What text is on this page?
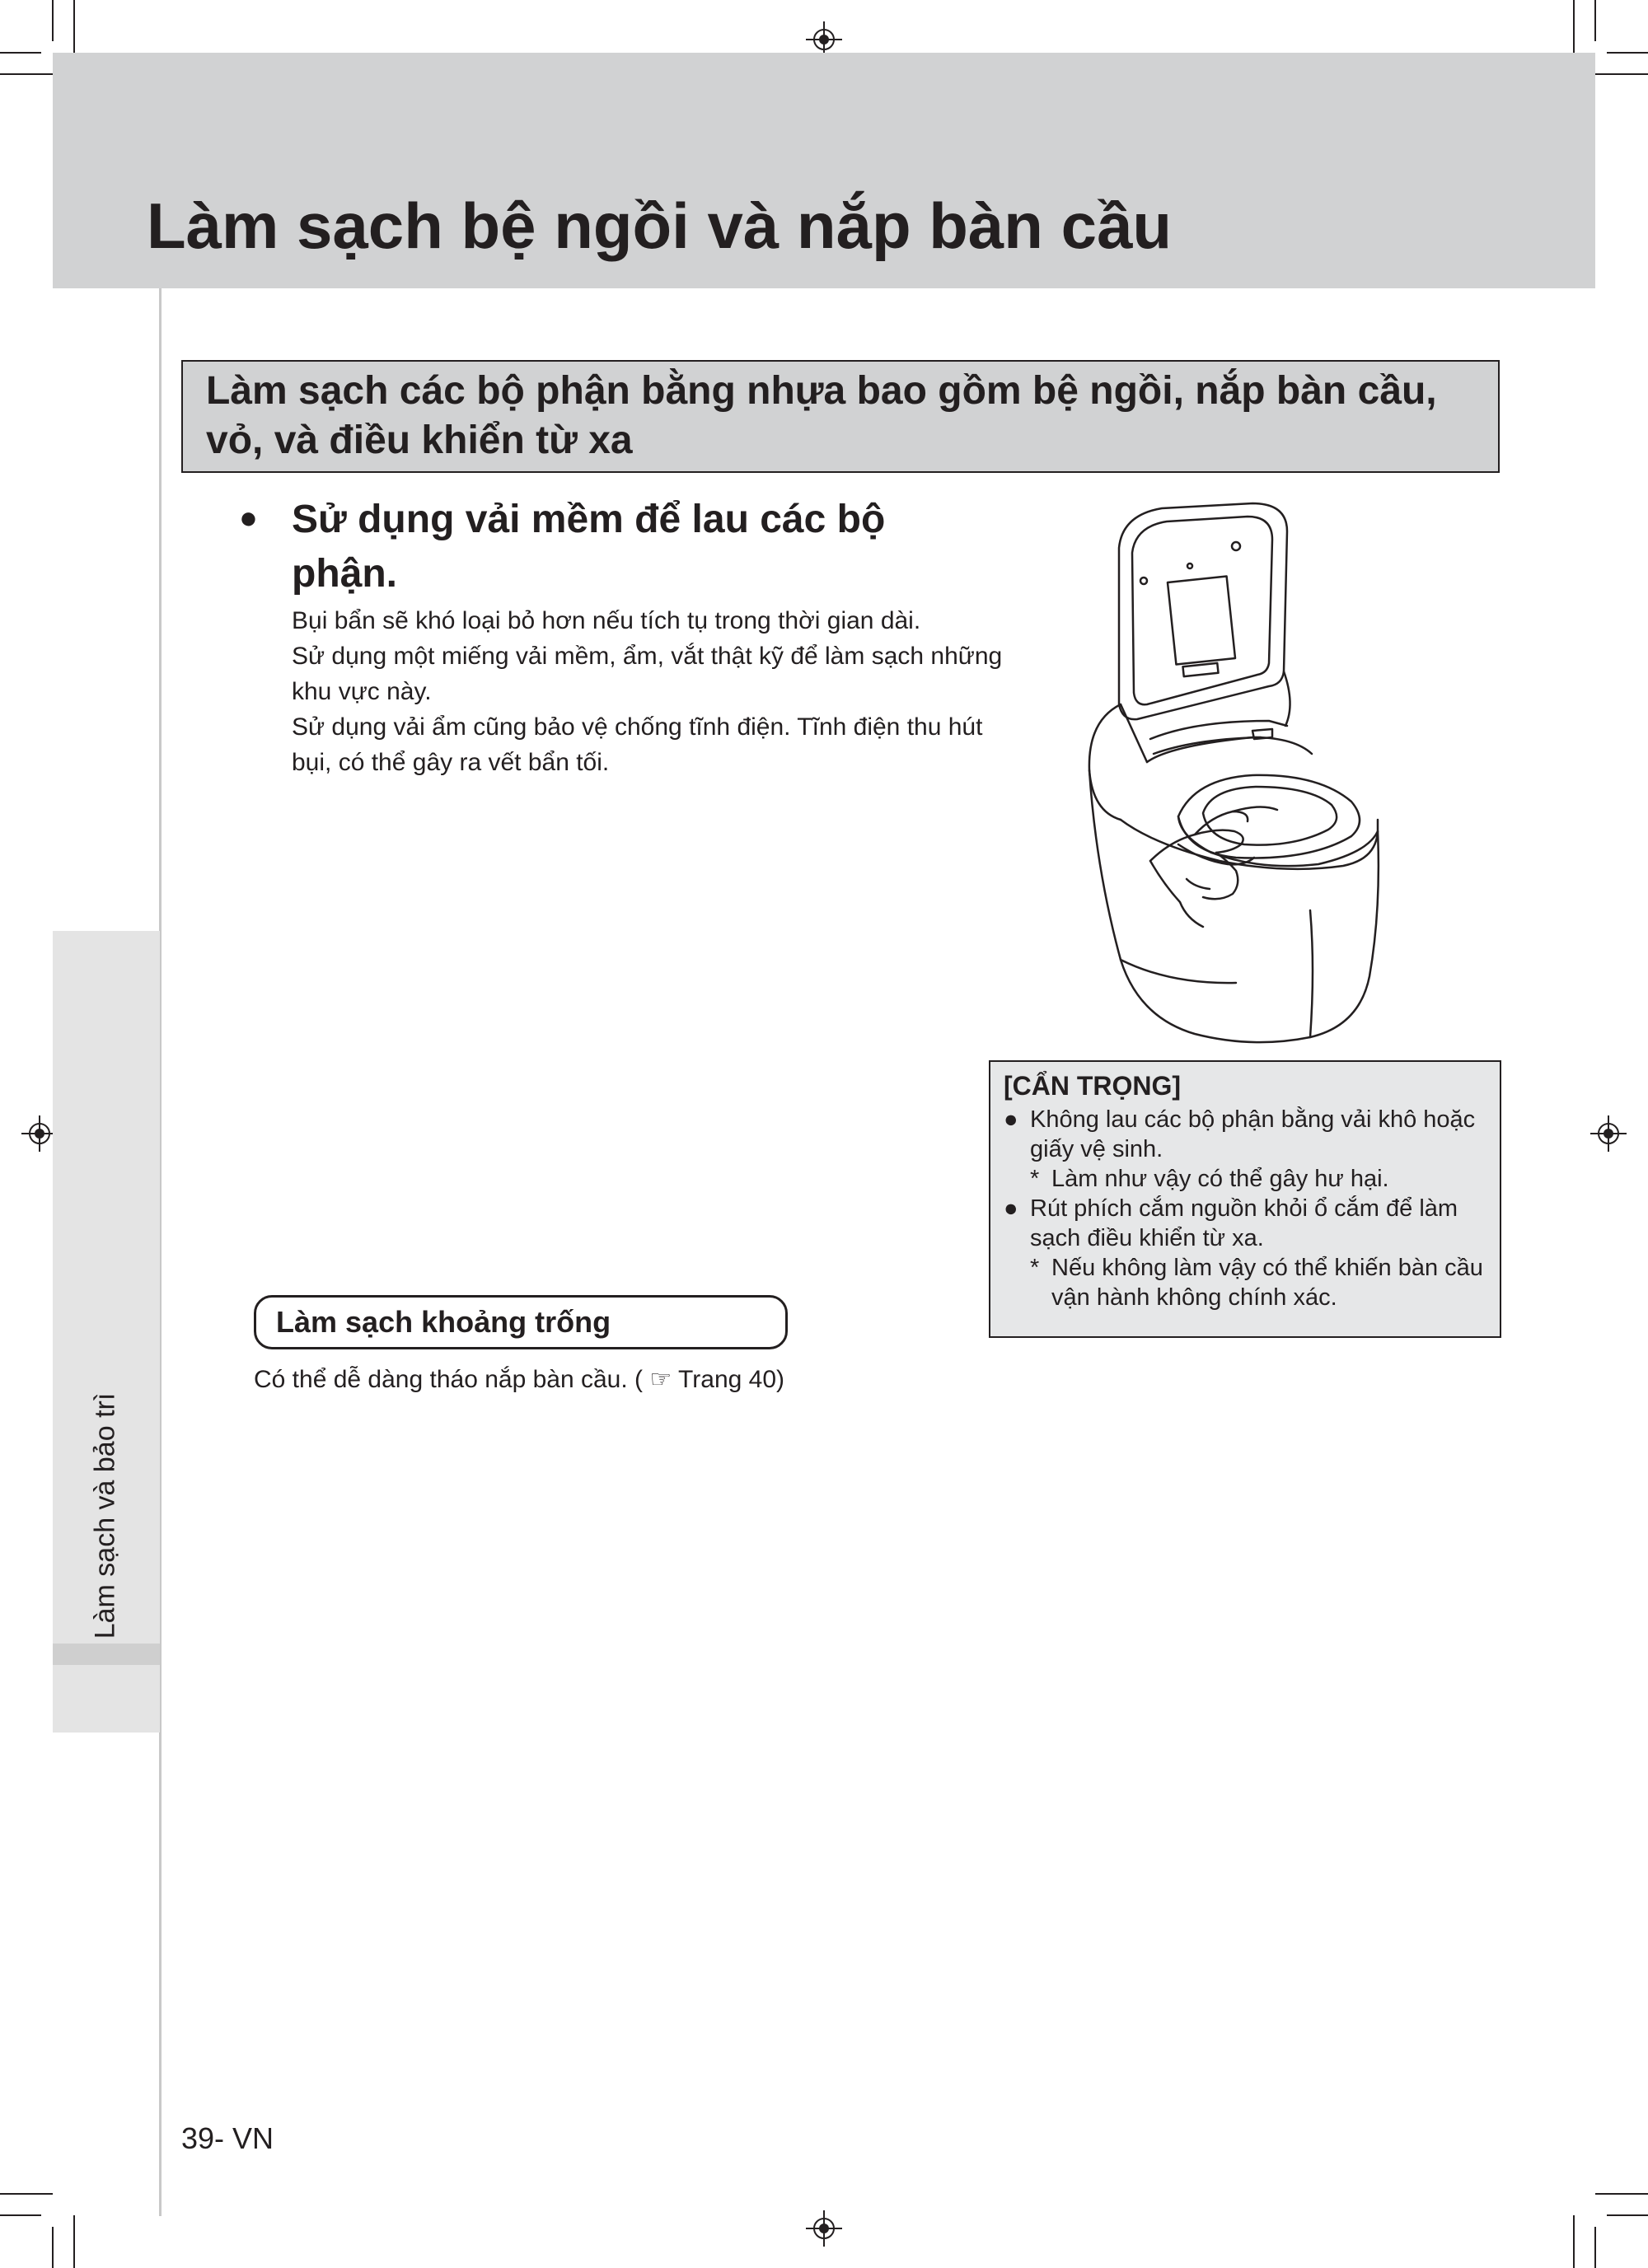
Làm sạch bệ ngồi và nắp bàn cầu
Làm sạch và bảo trì
Làm sạch các bộ phận bằng nhựa bao gồm bệ ngồi, nắp bàn cầu, vỏ, và điều khiển từ xa
● Sử dụng vải mềm để lau các bộ phận.

Bụi bẩn sẽ khó loại bỏ hơn nếu tích tụ trong thời gian dài.

Sử dụng một miếng vải mềm, ẩm, vắt thật kỹ để làm sạch những khu vực này.

Sử dụng vải ẩm cũng bảo vệ chống tĩnh điện. Tĩnh điện thu hút bụi, có thể gây ra vết bẩn tối.

[CẨN TRỌNG]
● Không lau các bộ phận bằng vải khô hoặc giấy vệ sinh.
* Làm như vậy có thể gây hư hại.
● Rút phích cắm nguồn khỏi ổ cắm để làm sạch điều khiển từ xa.
* Nếu không làm vậy có thể khiến bàn cầu vận hành không chính xác.
Làm sạch khoảng trống
Có thể dễ dàng tháo nắp bàn cầu. ( ☞ Trang 40)
39- VN
